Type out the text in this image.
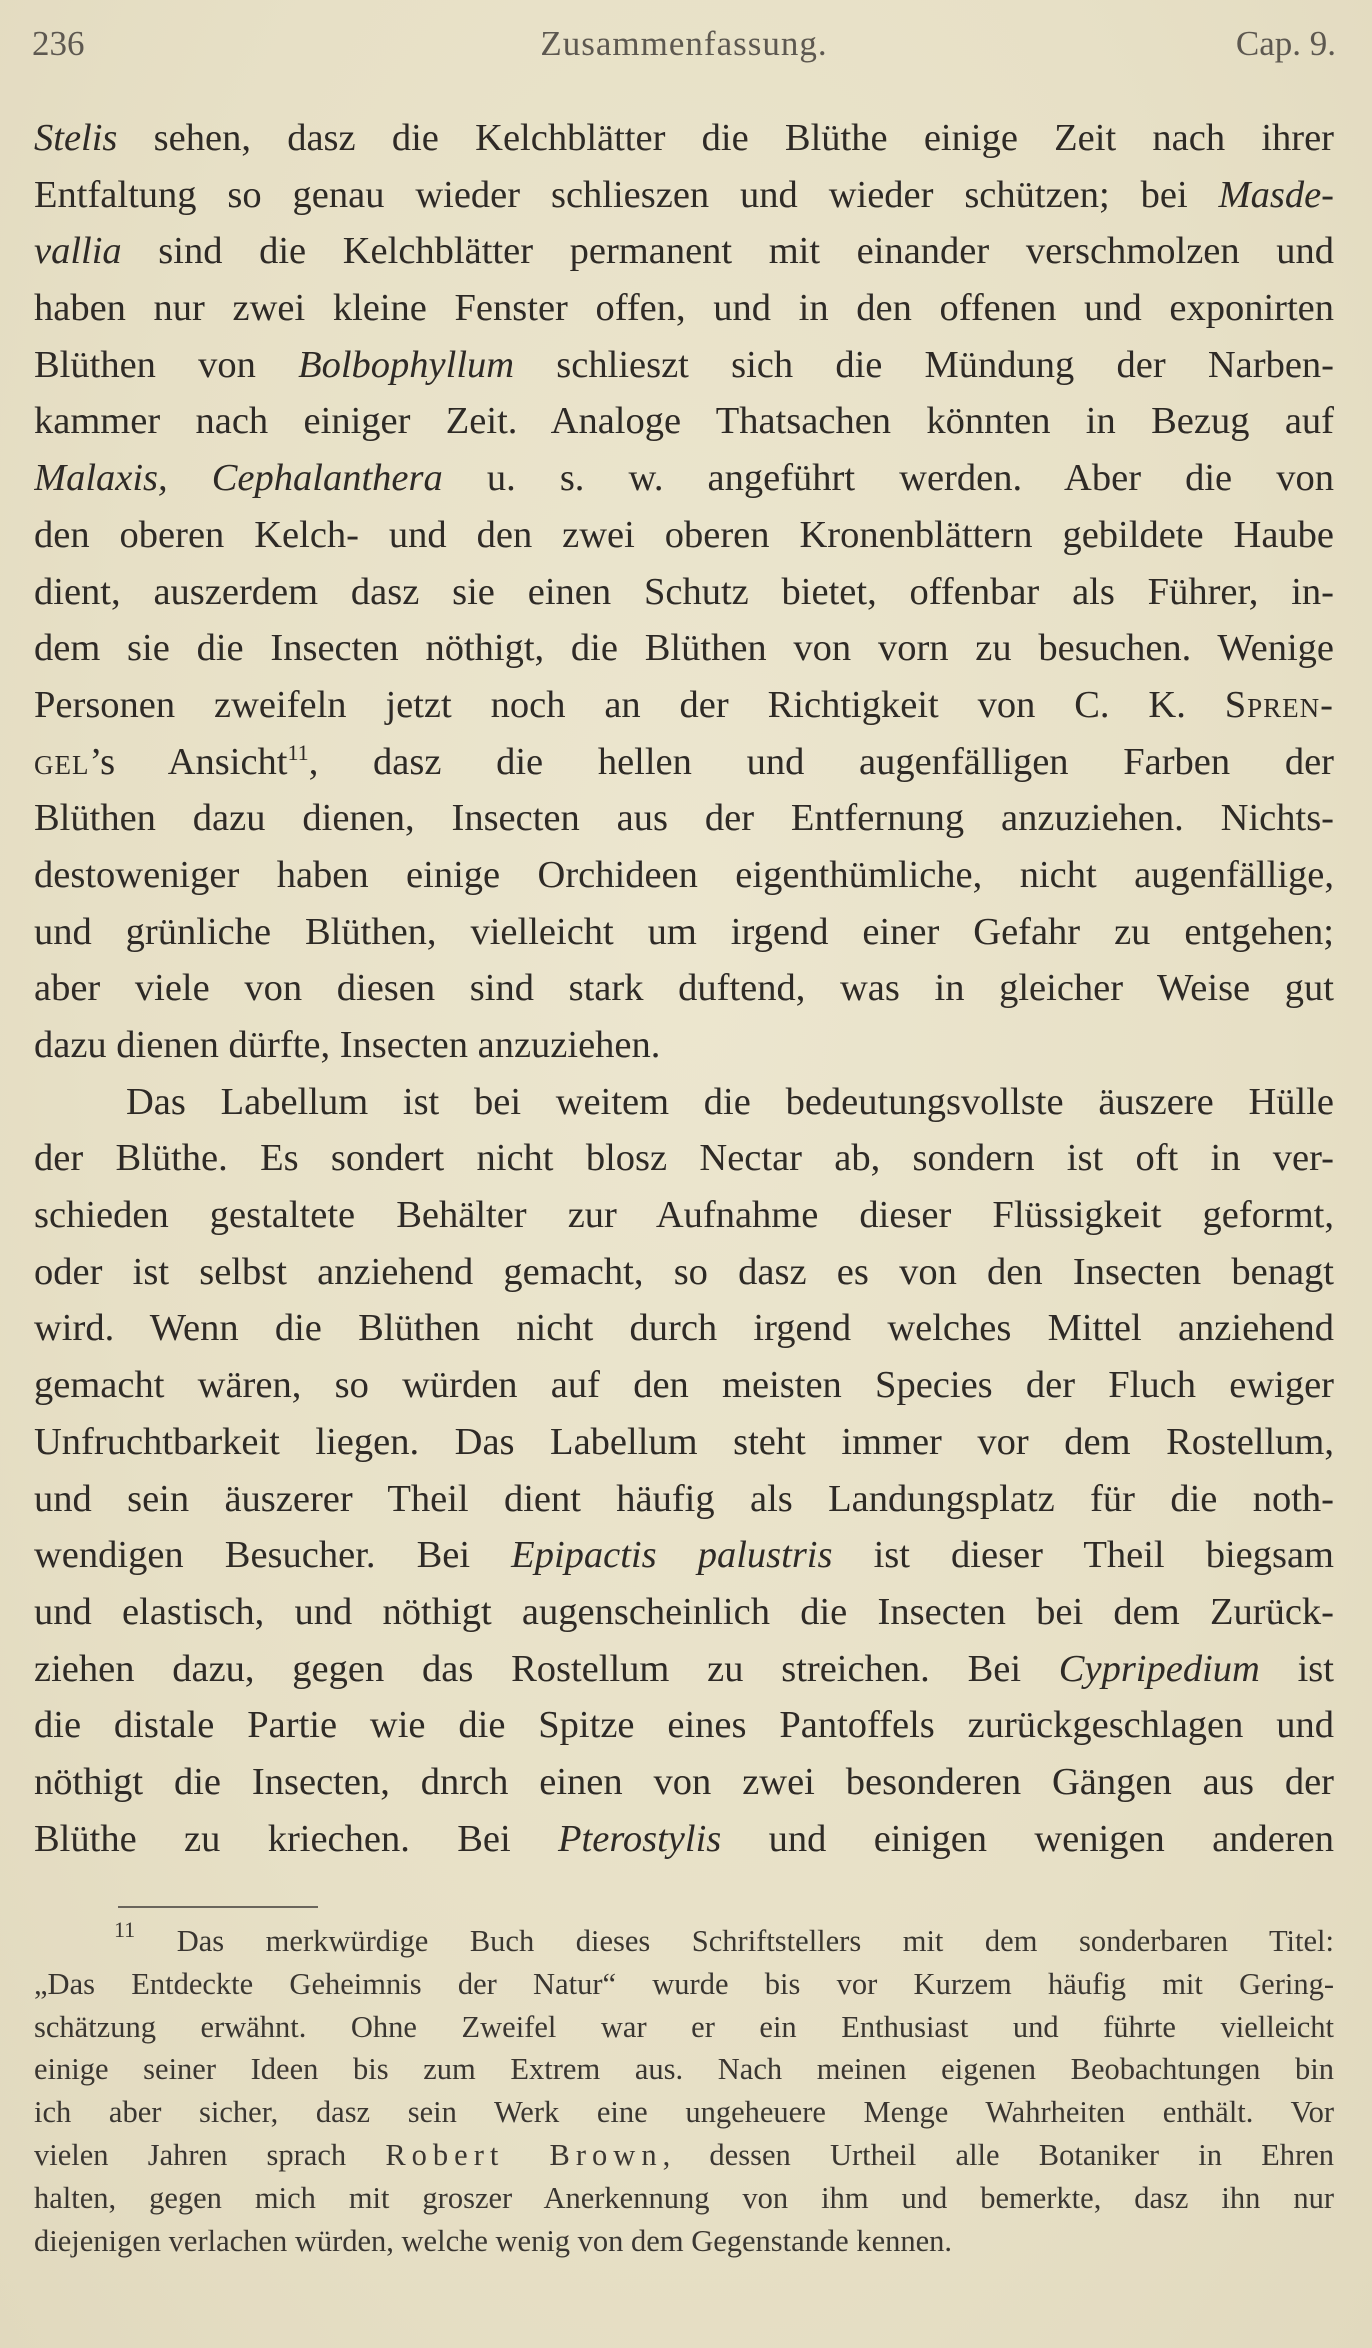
236	Zusammenfassung.	Cap. 9.
Stelis sehen, dasz die Kelchblätter die Blüthe einige Zeit nach ihrer
Entfaltung so genau wieder schlieszen und wieder schützen; bei Masde-
vallia sind die Kelchblätter permanent mit einander verschmolzen und
haben nur zwei kleine Fenster offen, und in den offenen und exponirten
Blüthen von Bolbophyllum schlieszt sich die Mündung der Narben-
kammer nach einiger Zeit. Analoge Thatsachen könnten in Bezug auf
Malaxis, Cephalanthera u. s. w. angeführt werden. Aber die von
den oberen Kelch- und den zwei oberen Kronenblättern gebildete Haube
dient, auszerdem dasz sie einen Schutz bietet, offenbar als Führer, in-
dem sie die Insecten nöthigt, die Blüthen von vorn zu besuchen. Wenige
Personen zweifeln jetzt noch an der Richtigkeit von C. K. Spren-
gel’s Ansicht$^{11}$, dasz die hellen und augenfälligen Farben der
Blüthen dazu dienen, Insecten aus der Entfernung anzuziehen. Nichts-
destoweniger haben einige Orchideen eigenthümliche, nicht augenfällige,
und grünliche Blüthen, vielleicht um irgend einer Gefahr zu entgehen;
aber viele von diesen sind stark duftend, was in gleicher Weise gut
dazu dienen dürfte, Insecten anzuziehen.
Das Labellum ist bei weitem die bedeutungsvollste äuszere Hülle
der Blüthe. Es sondert nicht blosz Nectar ab, sondern ist oft in ver-
schieden gestaltete Behälter zur Aufnahme dieser Flüssigkeit geformt,
oder ist selbst anziehend gemacht, so dasz es von den Insecten benagt
wird. Wenn die Blüthen nicht durch irgend welches Mittel anziehend
gemacht wären, so würden auf den meisten Species der Fluch ewiger
Unfruchtbarkeit liegen. Das Labellum steht immer vor dem Rostellum,
und sein äuszerer Theil dient häufig als Landungsplatz für die noth-
wendigen Besucher. Bei Epipactis palustris ist dieser Theil biegsam
und elastisch, und nöthigt augenscheinlich die Insecten bei dem Zurück-
ziehen dazu, gegen das Rostellum zu streichen. Bei Cypripedium ist
die distale Partie wie die Spitze eines Pantoffels zurückgeschlagen und
nöthigt die Insecten, dnrch einen von zwei besonderen Gängen aus der
Blüthe zu kriechen. Bei Pterostylis und einigen wenigen anderen
$^{11}$ Das merkwürdige Buch dieses Schriftstellers mit dem sonderbaren Titel:
„Das Entdeckte Geheimnis der Natur“ wurde bis vor Kurzem häufig mit Gering-
schätzung erwähnt. Ohne Zweifel war er ein Enthusiast und führte vielleicht
einige seiner Ideen bis zum Extrem aus. Nach meinen eigenen Beobachtungen bin
ich aber sicher, dasz sein Werk eine ungeheuere Menge Wahrheiten enthält. Vor
vielen Jahren sprach Robert Brown, dessen Urtheil alle Botaniker in Ehren
halten, gegen mich mit groszer Anerkennung von ihm und bemerkte, dasz ihn nur
diejenigen verlachen würden, welche wenig von dem Gegenstande kennen.
